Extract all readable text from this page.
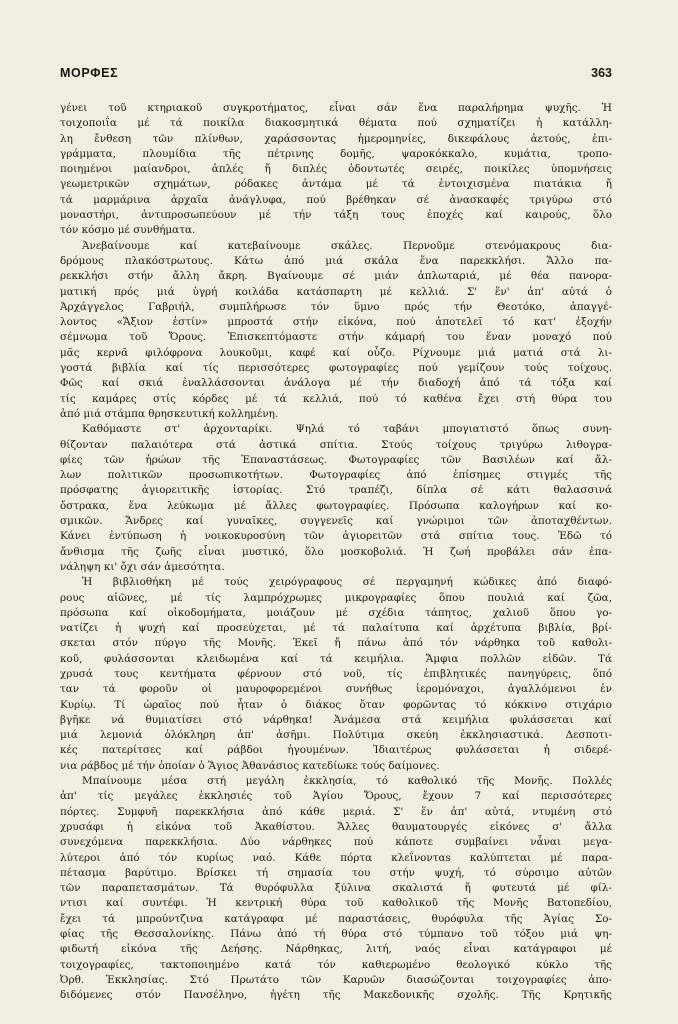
ΜΟΡΦΕΣ	363
γένει τοῦ κτηριακοῦ συγκροτήματος, εἶναι σάν ἕνα παραλήρημα ψυχῆς. Ἡ
τοιχοποιΐα μέ τά ποικίλα διακοσμητικά θέματα πού σχηματίζει ἡ κατάλλη-
λη ἔνθεση τῶν πλίνθων, χαράσσοντας ἡμερομηνίες, δικεφάλους ἀετούς, ἐπι-
γράμματα, πλουμίδια τῆς πέτρινης δομῆς, ψαροκόκκαλο, κυμάτια, τροπο-
ποιημένοι μαίανδροι, ἁπλές ἤ διπλές ὀδοντωτές σειρές, ποικίλες ὑπομνήσεις
γεωμετρικῶν σχημάτων, ρόδακες ἀντάμα μέ τά ἐντοιχισμένα πιατάκια ἤ
τά μαρμάρινα ἀρχαῖα ἀνάγλυφα, πού βρέθηκαν σέ ἀνασκαφές τριγύρω στό
μοναστήρι, ἀντιπροσωπεύουν μέ τήν τάξη τους ἐποχές καί καιρούς, ὅλο
τόν κόσμο μέ συνθήματα.
Ἀνεβαίνουμε καί κατεβαίνουμε σκάλες. Περνοῦμε στενόμακρους δια-
δρόμους πλακόστρωτους. Κάτω ἀπό μιά σκάλα ἕνα παρεκκλήσι. Ἄλλο πα-
ρεκκλήσι στήν ἄλλη ἄκρη. Βγαίνουμε σέ μιάν ἀπλωταριά, μέ θέα πανορα-
ματική πρός μιά ὑγρή κοιλάδα κατάσπαρτη μέ κελλιά. Σ' ἕν' ἀπ' αὐτά ὁ
Ἀρχάγγελος Γαβριήλ, συμπλήρωσε τόν ὕμνο πρός τήν Θεοτόκο, ἀπαγγέ-
λοντος «Ἄξιον ἐστίν» μπροστά στήν εἰκόνα, πού ἀποτελεῖ τό κατ' ἐξοχήν
σέμνωμα τοῦ Ὄρους. Ἐπισκεπτόμαστε στήν κάμαρή του ἕναν μοναχό πού
μᾶς κερνᾶ φιλόφρονα λουκοῦμι, καφέ καί οὖζο. Ρίχνουμε μιά ματιά στά λι-
γοστά βιβλία καί τίς περισσότερες φωτογραφίες πού γεμίζουν τούς τοίχους.
Φῶς καί σκιά ἐναλλάσσονται ἀνάλογα μέ τήν διαδοχή ἀπό τά τόξα καί
τίς καμάρες στίς κόρδες μέ τά κελλιά, πού τό καθένα ἔχει στή θύρα του
ἀπό μιά στάμπα θρησκευτική κολλημένη.
Καθόμαστε στ' ἀρχονταρίκι. Ψηλά τό ταβάνι μπογιατιστό ὅπως συνη-
θίζονταν παλαιότερα στά ἀστικά σπίτια. Στούς τοίχους τριγύρω λιθογρα-
φίες τῶν ἡρώων τῆς Ἐπαναστάσεως. Φωτογραφίες τῶν Βασιλέων καί ἄλ-
λων πολιτικῶν προσωπικοτήτων. Φωτογραφίες ἀπό ἐπίσημες στιγμές τῆς
πρόσφατης ἁγιορειτικῆς ἱστορίας. Στό τραπέζι, δίπλα σέ κάτι θαλασσινά
ὄστρακα, ἕνα λεύκωμα μέ ἄλλες φωτογραφίες. Πρόσωπα καλογήρων καί κο-
σμικῶν. Ἄνδρες καί γυναῖκες, συγγενεῖς καί γνώριμοι τῶν ἀποταχθέντων.
Κάνει ἐντύπωση ἡ νοικοκυροσύνη τῶν ἁγιορειτῶν στά σπίτια τους. Ἐδῶ τό
ἄνθισμα τῆς ζωῆς εἶναι μυστικό, ὅλο μοσκοβολιά. Ἡ ζωή προβάλει σάν ἐπα-
νάληψη κι' ὄχι σάν ἀμεσότητα.
Ἡ βιβλιοθήκη μέ τούς χειρόγραφους σέ περγαμηνή κώδικες ἀπό διαφό-
ρους αἰῶνες, μέ τίς λαμπρόχρωμες μικρογραφίες ὅπου πουλιά καί ζῶα,
πρόσωπα καί οἰκοδομήματα, μοιάζουν μέ σχέδια τάπητος, χαλιοῦ ὅπου γο-
νατίζει ἡ ψυχή καί προσεύχεται, μέ τά παλαίτυπα καί ἀρχέτυπα βιβλία, βρί-
σκεται στόν πύργο τῆς Μονῆς. Ἐκεῖ ἤ πάνω ἀπό τόν νάρθηκα τοῦ καθολι-
κοῦ, φυλάσσονται κλειδωμένα καί τά κειμήλια. Ἄμφια πολλῶν εἰδῶν. Τά
χρυσά τους κεντήματα φέρνουν στό νοῦ, τίς ἐπιβλητικές πανηγύρεις, ὅπό
ταν τά φοροῦν οἱ μαυροφορεμένοι συνήθως ἱερομόναχοι, ἀγαλλόμενοι ἐν
Κυρίῳ. Τί ὡραῖος πού ἦταν ὁ διάκος ὅταν φορῶντας τό κόκκινο στιχάριο
βγῆκε νά θυμιατίσει στό νάρθηκα! Ἀνάμεσα στά κειμήλια φυλάσσεται καί
μιά λεμονιά ὁλόκληρη ἀπ' ἀσῆμι. Πολύτιμα σκεύη ἐκκλησιαστικά. Δεσποτι-
κές πατερίτσες καί ράβδοι ἡγουμένων. Ἰδιαιτέρως φυλάσσεται ἡ σιδερέ-
νια ράβδος μέ τήν ὁποίαν ὁ Ἅγιος Ἀθανάσιος κατεδίωκε τούς δαίμονες.
Μπαίνουμε μέσα στή μεγάλη ἐκκλησία, τό καθολικό τῆς Μονῆς. Πολλές
ἀπ' τίς μεγάλες ἐκκλησιές τοῦ Ἁγίου Ὄρους, ἔχουν 7 καί περισσότερες
πόρτες. Συμφυῆ παρεκκλήσια ἀπό κάθε μεριά. Σ' ἕν ἀπ' αὐτά, ντυμένη στό
χρυσάφι ἡ εἰκόνα τοῦ Ἀκαθίστου. Ἄλλες θαυματουργές εἰκόνες σ' ἄλλα
συνεχόμενα παρεκκλήσια. Δύο νάρθηκες πού κάποτε συμβαίνει νἆναι μεγα-
λύτεροι ἀπό τόν κυρίως ναό. Κάθε πόρτα κλεΐνονταs καλύπτεται μέ παρα-
πέτασμα βαρύτιμο. Βρίσκει τή σημασία του στήν ψυχή, τό σύρσιμο αὐτῶν
τῶν παραπετασμάτων. Τά θυρόφυλλα ξύλινα σκαλιστά ἤ φυτευτά μέ φίλ-
ντισι καί συντέφι. Ἡ κεντρική θύρα τοῦ καθολικοῦ τῆς Μονῆς Βατοπεδίου,
ἔχει τά μπρούντζινα κατάγραφα μέ παραστάσεις, θυρόφυλα τῆς Ἁγίας Σο-
φίας τῆς Θεσσαλονίκης. Πάνω ἀπό τή θύρα στό τύμπανο τοῦ τόξου μιά ψη-
φιδωτή εἰκόνα τῆς Δεήσης. Νάρθηκας, λιτή, ναός εἶναι κατάγραφοι μέ
τοιχογραφίες, τακτοποιημένο κατά τόν καθιερωμένο θεολογικό κύκλο τῆς
Ὀρθ. Ἐκκλησίας. Στό Πρωτάτο τῶν Καρυῶν διασώζονται τοιχογραφίες ἀπο-
διδόμενες στόν Πανσέληνο, ἡγέτη τῆς Μακεδονικῆς σχολῆς. Τῆς Κρητικῆς
